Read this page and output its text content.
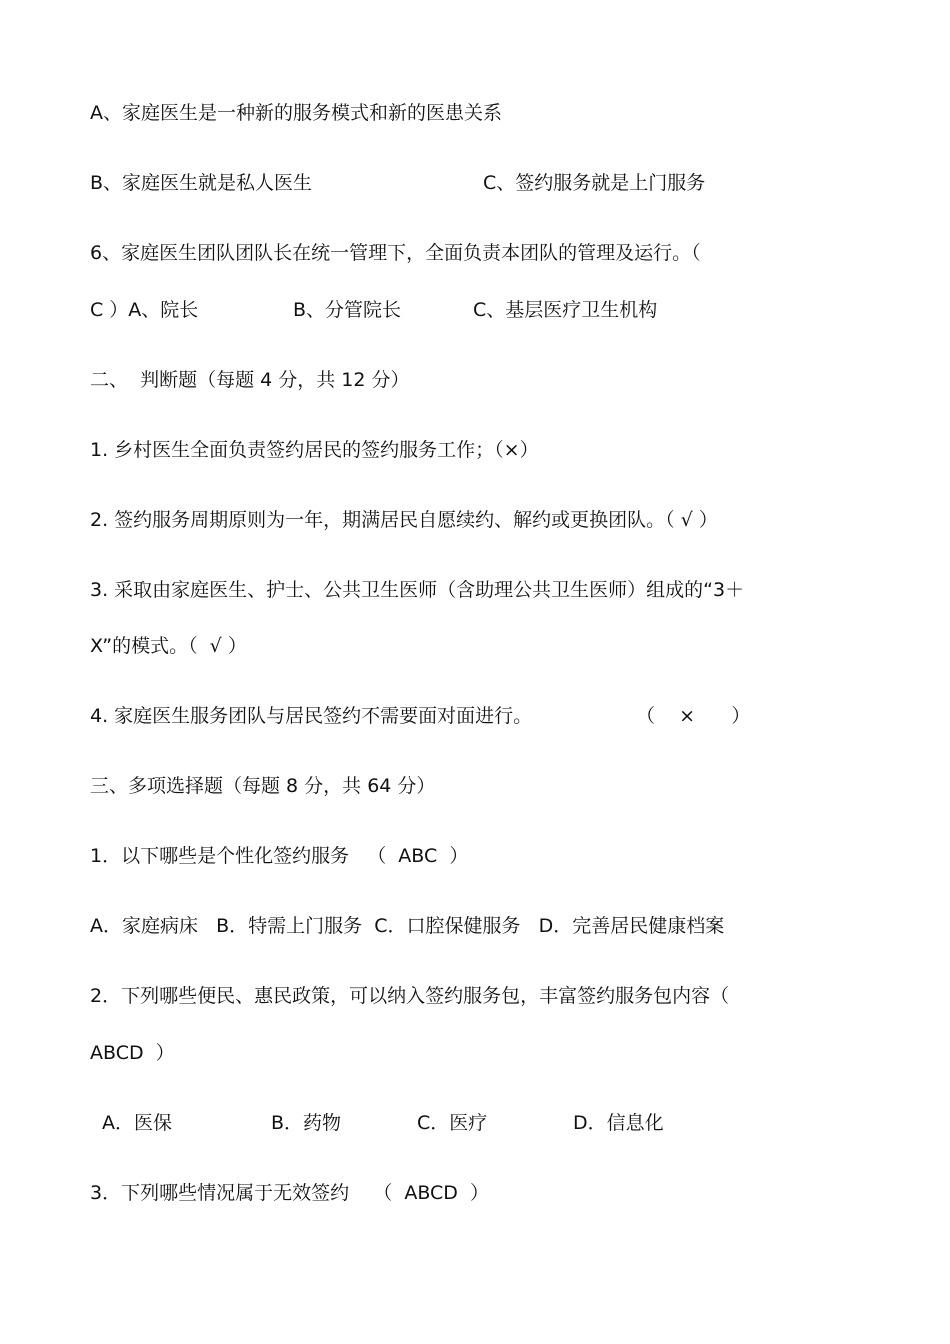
A、家庭医生是一种新的服务模式和新的医患关系
B、家庭医生就是私人医生	C、签约服务就是上门服务
6、家庭医生团队团队长在统一管理下，全面负责本团队的管理及运行。（
C ）A、院长	B、分管院长	C、基层医疗卫生机构
二、  判断题（每题 4 分，共 12 分）
1. 乡村医生全面负责签约居民的签约服务工作；（×）
2. 签约服务周期原则为一年，期满居民自愿续约、解约或更换团队。（ √ ）
3. 采取由家庭医生、护士、公共卫生医师（含助理公共卫生医师）组成的“3＋
X”的模式。（  √ ）
4. 家庭医生服务团队与居民签约不需要面对面进行。	（    ×      ）
三、多项选择题（每题 8 分，共 64 分）
1．以下哪些是个性化签约服务   （  ABC  ）
A．家庭病床   B．特需上门服务  C．口腔保健服务   D．完善居民健康档案
2．下列哪些便民、惠民政策，可以纳入签约服务包，丰富签约服务包内容（
ABCD  ）
A．医保	B．药物	C．医疗	D．信息化
3．下列哪些情况属于无效签约    （  ABCD  ）
